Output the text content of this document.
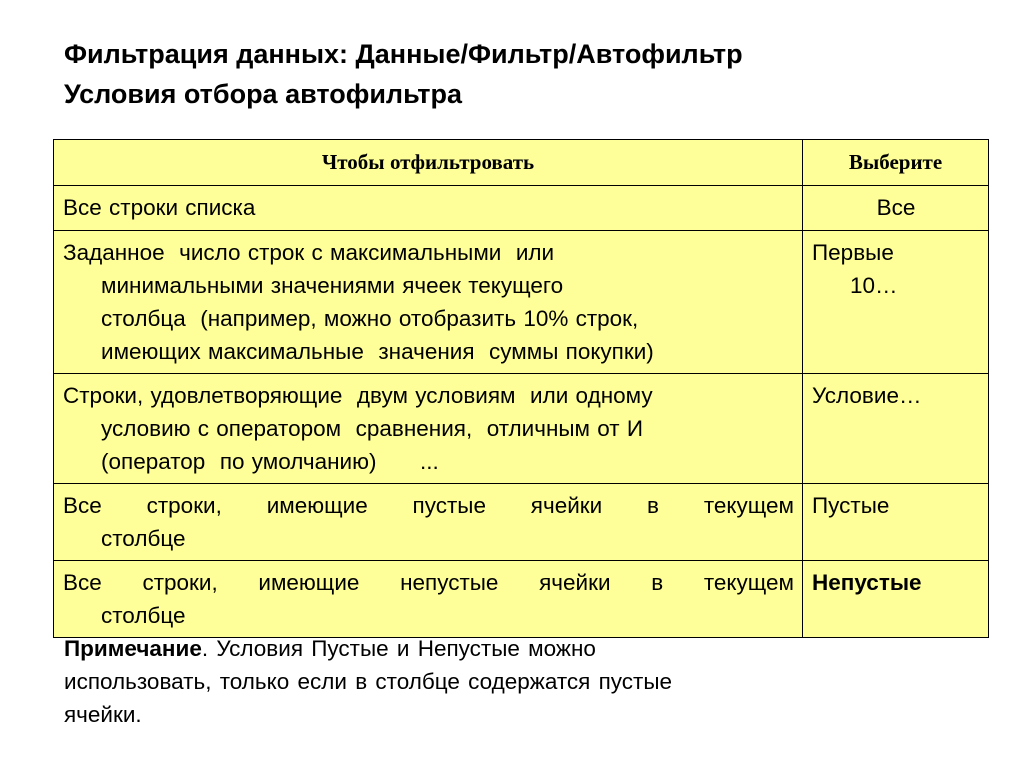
Фильтрация данных: Данные/Фильтр/Автофильтр
Условия отбора автофильтра
Чтобы отфильтровать	Выберите

Все строки списка	Все

Заданное  число строк с максимальными  или
минимальными значениями ячеек текущего
столбца  (например, можно отобразить 10% строк,
имеющих максимальные  значения  суммы покупки)	Первые
10…

Строки, удовлетворяющие  двум условиям  или одному
условию с оператором  сравнения,  отличным от И
(оператор  по умолчанию)      ...	Условие…

Все строки, имеющие пустые ячейки в текущем
столбце	Пустые

Все строки, имеющие непустые ячейки в текущем
столбце	Непустые

Примечание. Условия Пустые и Непустые можно
использовать, только если в столбце содержатся пустые
ячейки.
